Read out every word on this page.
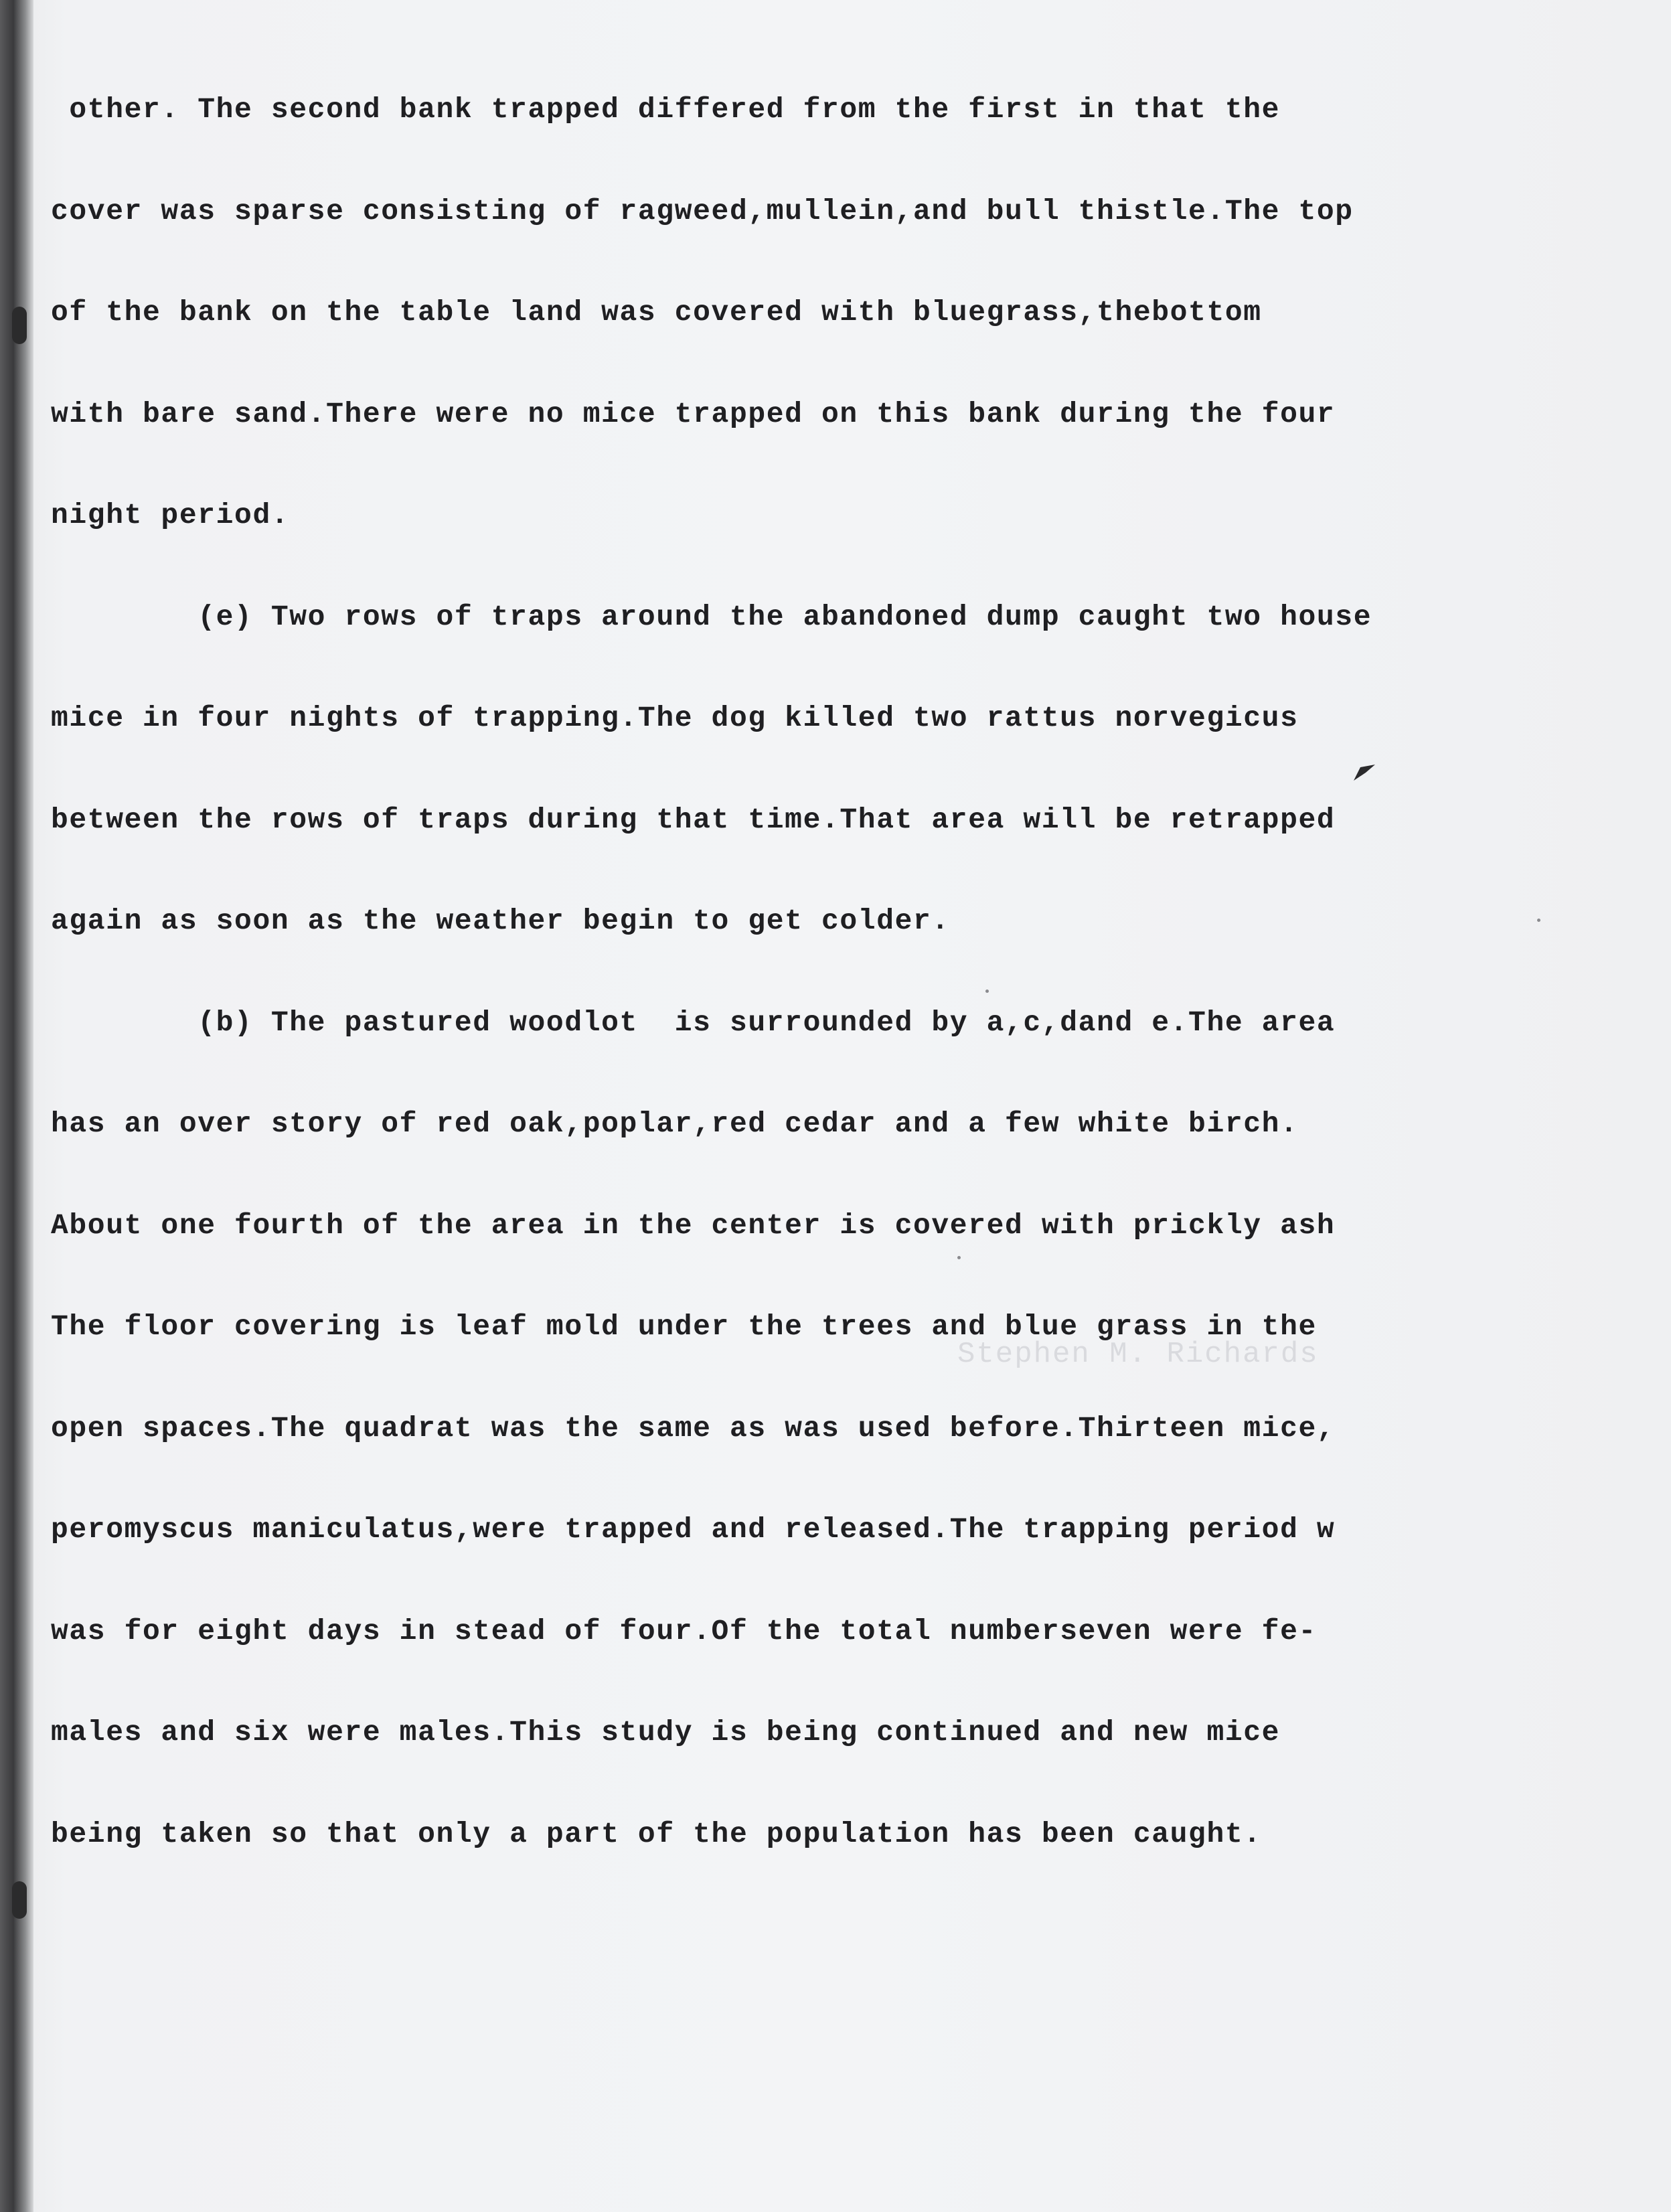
other. The second bank trapped differed from the first in that the

cover was sparse consisting of ragweed,mullein,and bull thistle.The top

of the bank on the table land was covered with bluegrass,thebottom

with bare sand.There were no mice trapped on this bank during the four

night period.

(e) Two rows of traps around the abandoned dump caught two house

mice in four nights of trapping.The dog killed two rattus norvegicus

between the rows of traps during that time.That area will be retrapped

again as soon as the weather begin to get colder.

(b) The pastured woodlot  is surrounded by a,c,dand e.The area

has an over story of red oak,poplar,red cedar and a few white birch.

About one fourth of the area in the center is covered with prickly ash

The floor covering is leaf mold under the trees and blue grass in the

open spaces.The quadrat was the same as was used before.Thirteen mice,

peromyscus maniculatus,were trapped and released.The trapping period w

was for eight days in stead of four.Of the total numberseven were fe-

males and six were males.This study is being continued and new mice

being taken so that only a part of the population has been caught.

Stephen M. Richards
